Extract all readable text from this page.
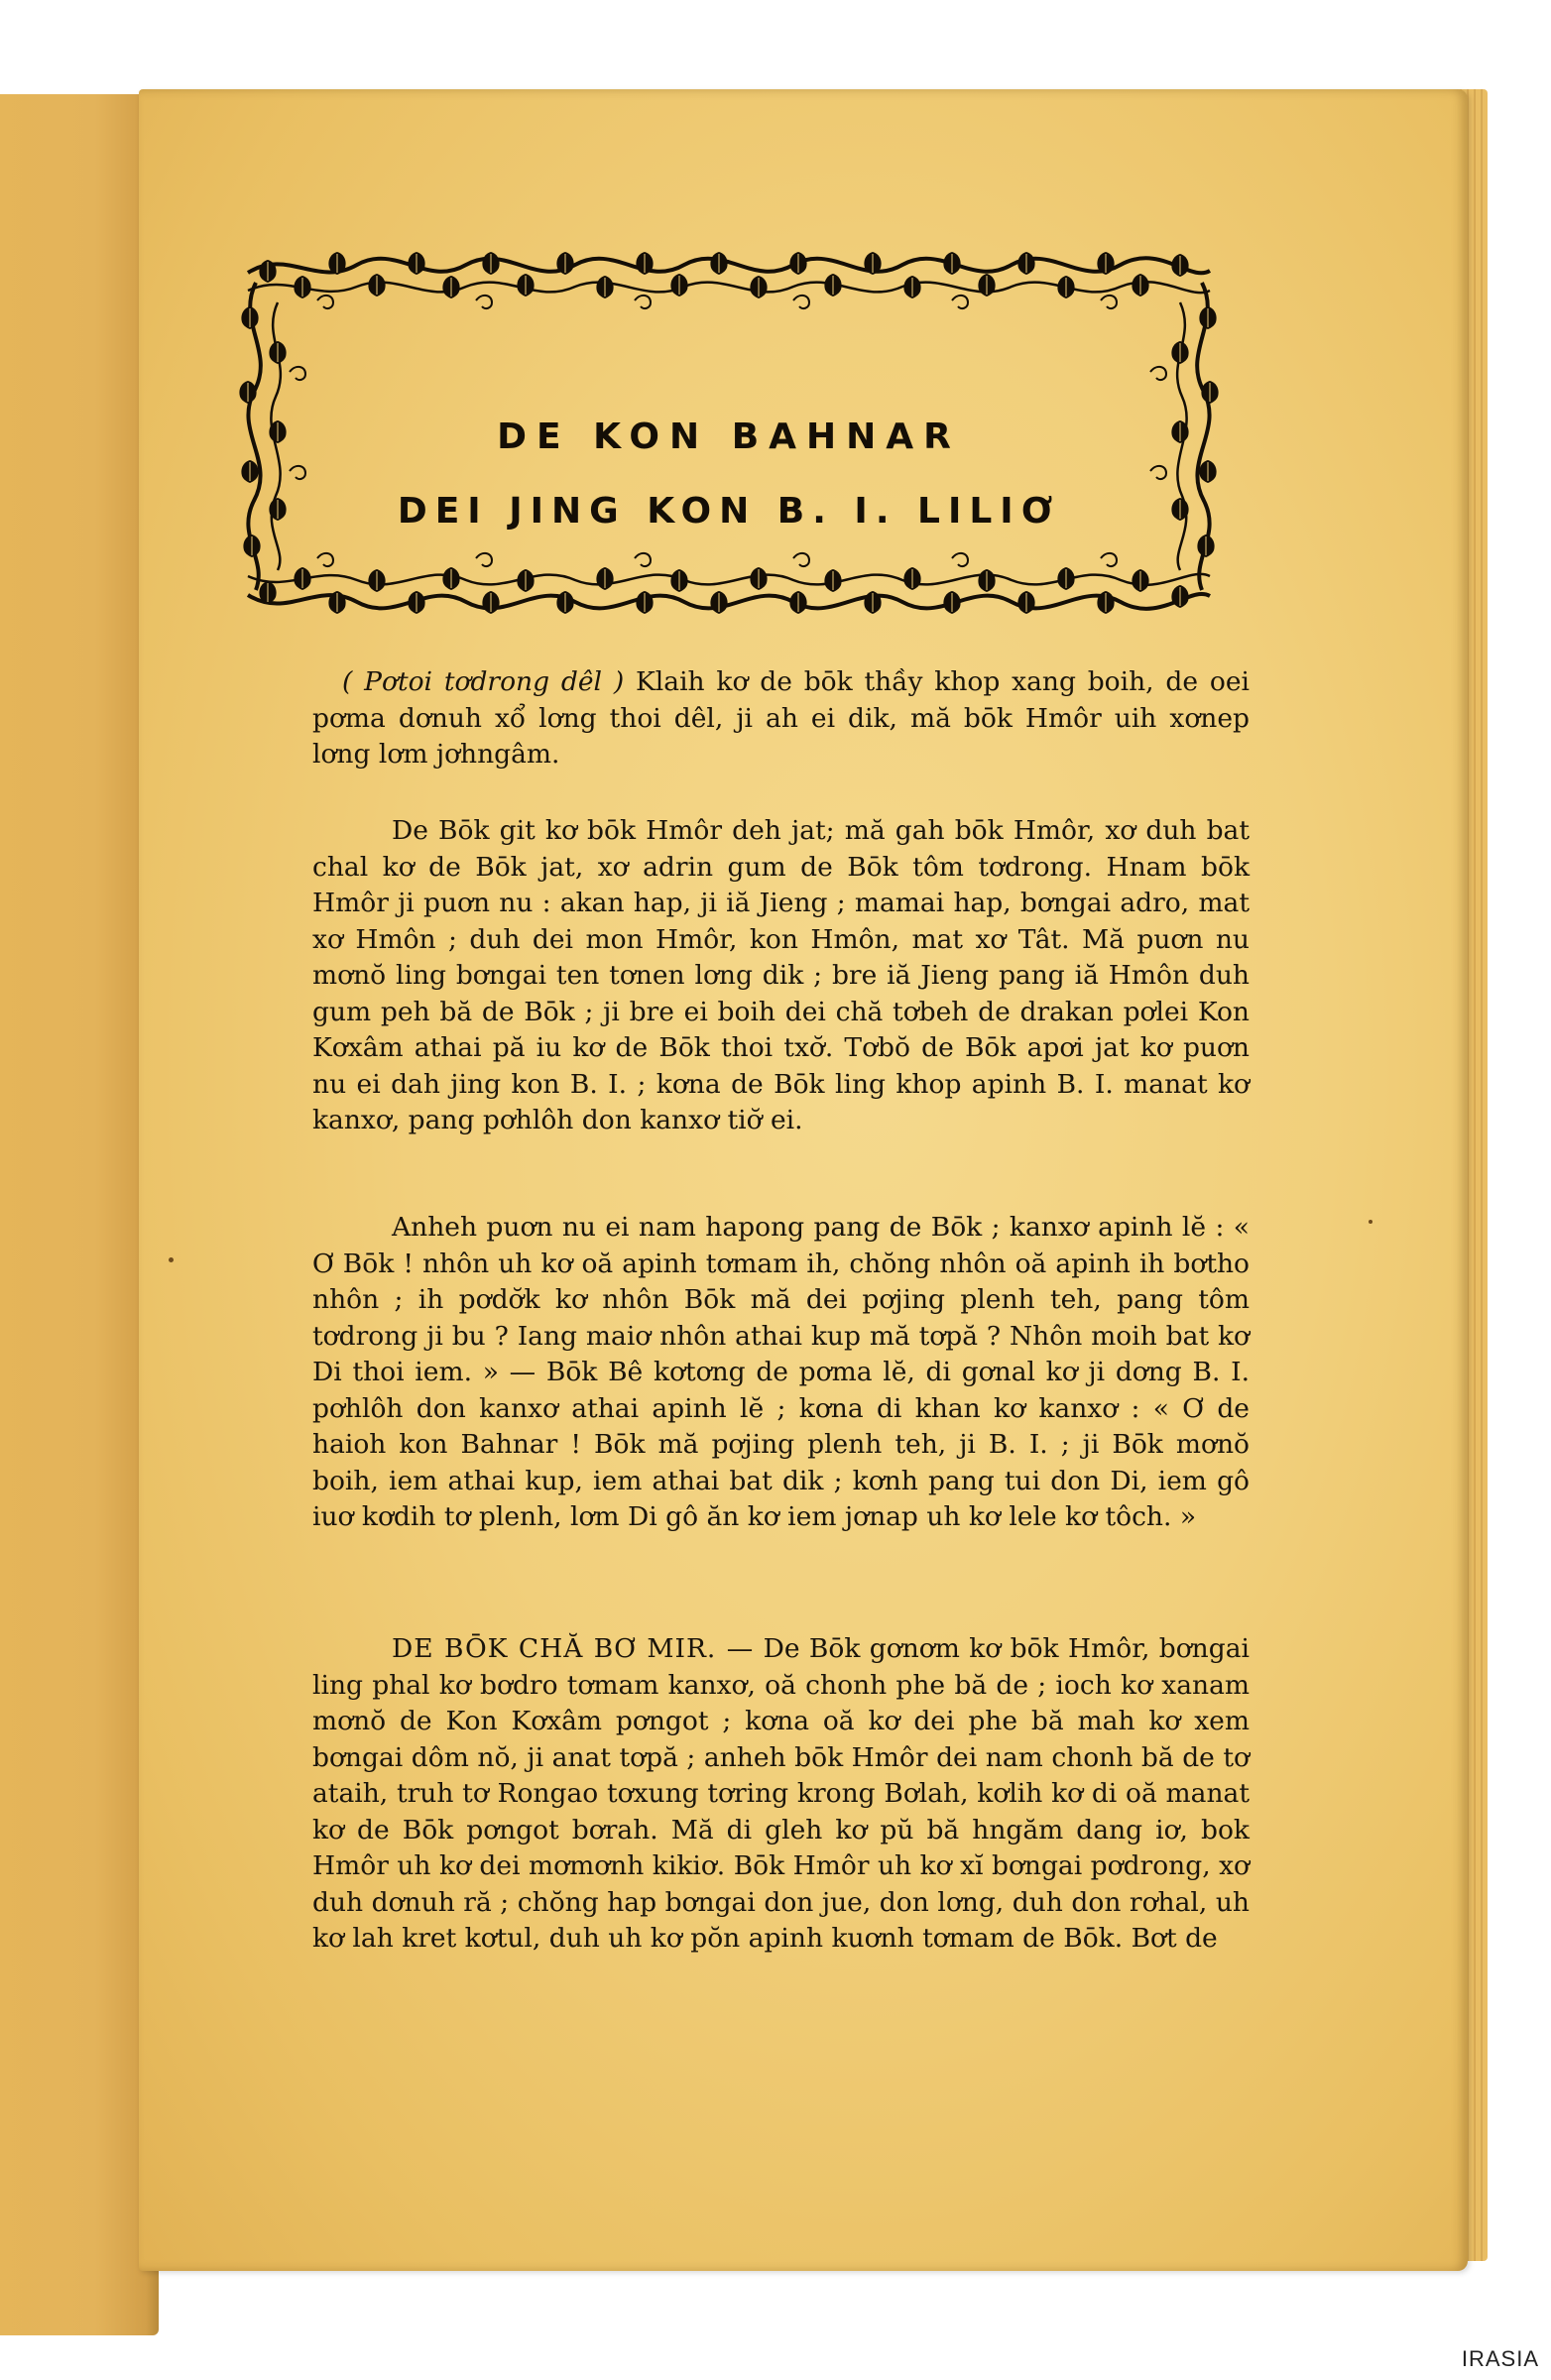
DE KON BAHNAR
DEI JING KON B. I. LILIƠ

( Pơtoi tơdrong dêl ) Klaih kơ de bōk thầy khop xang boih, de oei pơma dơnuh xổ lơng thoi dêl, ji ah ei dik, mă bōk Hmôr uih xơnep lơng lơm jơhngâm.

De Bōk git kơ bōk Hmôr deh jat; mă gah bōk Hmôr, xơ duh bat chal kơ de Bōk jat, xơ adrin gum de Bōk tôm tơdrong. Hnam bōk Hmôr ji puơn nu : akan hap, ji iă Jieng ; mamai hap, bơngai adro, mat xơ Hmôn ; duh dei mon Hmôr, kon Hmôn, mat xơ Tât. Mă puơn nu mơnŏ ling bơngai ten tơnen lơng dik ; bre iă Jieng pang iă Hmôn duh gum peh bă de Bōk ; ji bre ei boih dei chă tơbeh de drakan pơlei Kon Kơxâm athai pă iu kơ de Bōk thoi txơ̆. Tơbŏ de Bōk apơi jat kơ puơn nu ei dah jing kon B. I. ; kơna de Bōk ling khop apinh B. I. manat kơ kanxơ, pang pơhlôh don kanxơ tiơ̆ ei.

Anheh puơn nu ei nam hapong pang de Bōk ; kanxơ apinh lĕ : « Ơ Bōk ! nhôn uh kơ oă apinh tơmam ih, chŏng nhôn oă apinh ih bơtho nhôn ; ih pơdơ̆k kơ nhôn Bōk mă dei pơjing plenh teh, pang tôm tơdrong ji bu ? Iang maiơ nhôn athai kup mă tơpă ? Nhôn moih bat kơ Di thoi iem. » — Bōk Bê kơtơng de pơma lĕ, di gơnal kơ ji dơng B. I. pơhlôh don kanxơ athai apinh lĕ ; kơna di khan kơ kanxơ : « Ơ de haioh kon Bahnar ! Bōk mă pơjing plenh teh, ji B. I. ; ji Bōk mơnŏ boih, iem athai kup, iem athai bat dik ; kơnh pang tui don Di, iem gô iuơ kơdih tơ plenh, lơm Di gô ăn kơ iem jơnap uh kơ lele kơ tôch. »

DE BŌK CHĂ BƠ MIR. — De Bōk gơnơm kơ bōk Hmôr, bơngai ling phal kơ bơdro tơmam kanxơ, oă chonh phe bă de ; ioch kơ xanam mơnŏ de Kon Kơxâm pơngot ; kơna oă kơ dei phe bă mah kơ xem bơngai dôm nŏ, ji anat tơpă ; anheh bōk Hmôr dei nam chonh bă de tơ ataih, truh tơ Rongao tơxung tơring krong Bơlah, kơlih kơ di oă manat kơ de Bōk pơngot bơrah. Mă di gleh kơ pŭ bă hngăm dang iơ, bok Hmôr uh kơ dei mơmơnh kikiơ. Bōk Hmôr uh kơ xĭ bơngai pơdrong, xơ duh dơnuh ră ; chŏng hap bơngai don jue, don lơng, duh don rơhal, uh kơ lah kret kơtul, duh uh kơ pŏn apinh kuơnh tơmam de Bōk. Bơt de

IRASIA
